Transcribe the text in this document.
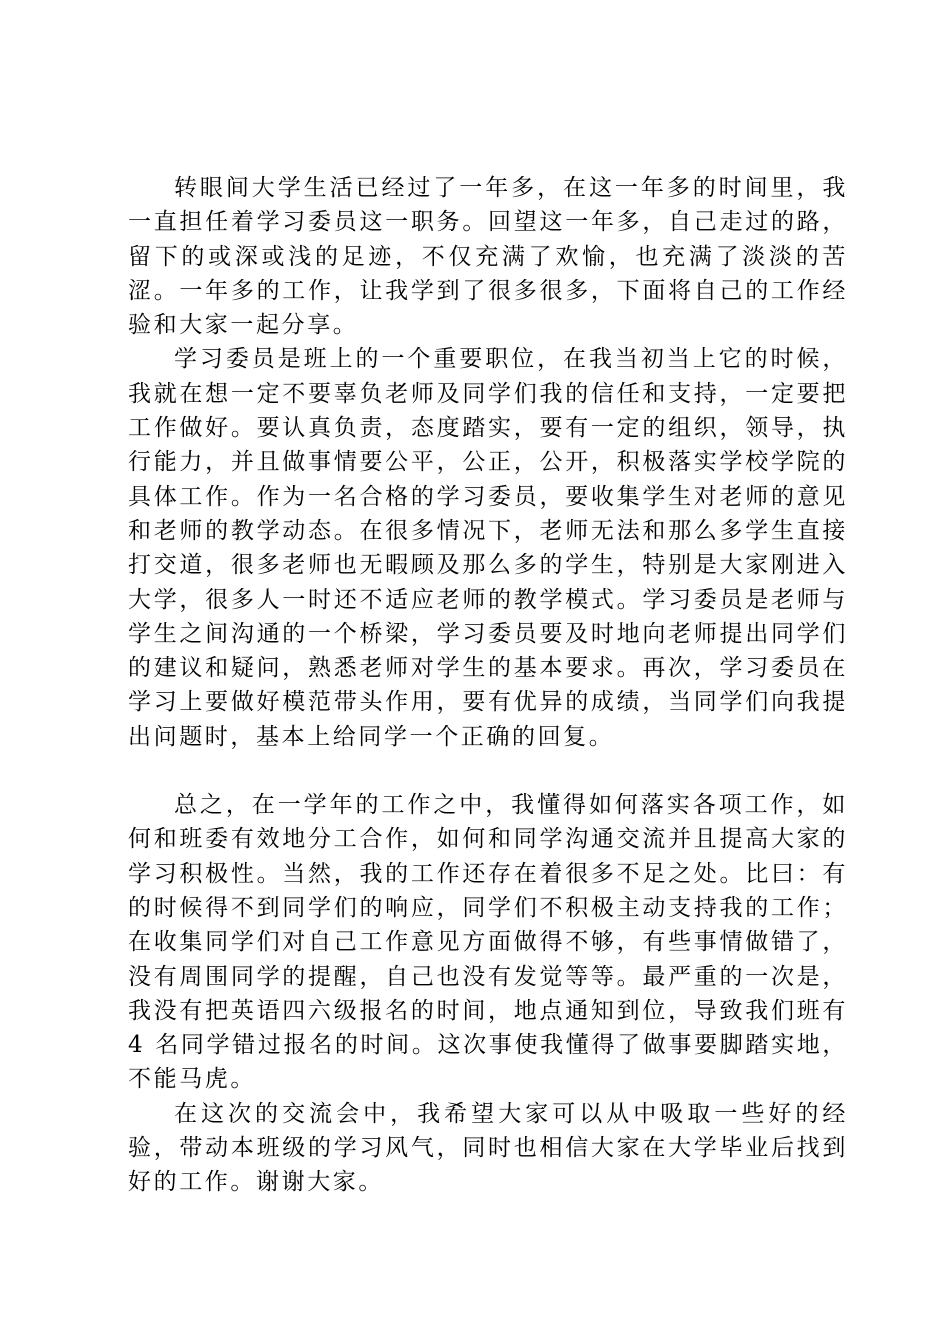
转眼间大学生活已经过了一年多，在这一年多的时间里，我一直担任着学习委员这一职务。回望这一年多，自己走过的路，留下的或深或浅的足迹，不仅充满了欢愉，也充满了淡淡的苦涩。一年多的工作，让我学到了很多很多，下面将自己的工作经验和大家一起分享。

学习委员是班上的一个重要职位，在我当初当上它的时候，我就在想一定不要辜负老师及同学们我的信任和支持，一定要把工作做好。要认真负责，态度踏实，要有一定的组织，领导，执行能力，并且做事情要公平，公正，公开，积极落实学校学院的具体工作。作为一名合格的学习委员，要收集学生对老师的意见和老师的教学动态。在很多情况下，老师无法和那么多学生直接打交道，很多老师也无暇顾及那么多的学生，特别是大家刚进入大学，很多人一时还不适应老师的教学模式。学习委员是老师与学生之间沟通的一个桥梁，学习委员要及时地向老师提出同学们的建议和疑问，熟悉老师对学生的基本要求。再次，学习委员在学习上要做好模范带头作用，要有优异的成绩，当同学们向我提出问题时，基本上给同学一个正确的回复。

总之，在一学年的工作之中，我懂得如何落实各项工作，如何和班委有效地分工合作，如何和同学沟通交流并且提高大家的学习积极性。当然，我的工作还存在着很多不足之处。比曰：有的时候得不到同学们的响应，同学们不积极主动支持我的工作；在收集同学们对自己工作意见方面做得不够，有些事情做错了，没有周围同学的提醒，自己也没有发觉等等。最严重的一次是，我没有把英语四六级报名的时间，地点通知到位，导致我们班有 4 名同学错过报名的时间。这次事使我懂得了做事要脚踏实地，不能马虎。

在这次的交流会中，我希望大家可以从中吸取一些好的经验，带动本班级的学习风气，同时也相信大家在大学毕业后找到好的工作。谢谢大家。
